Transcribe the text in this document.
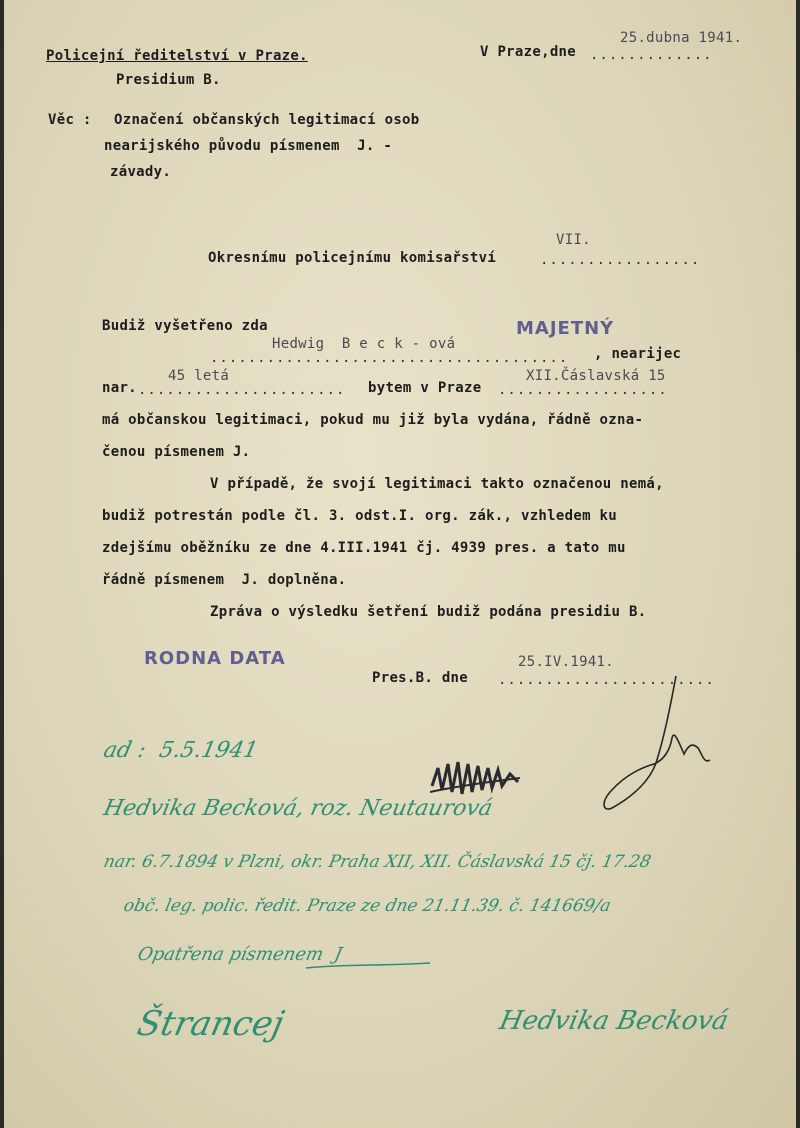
Policejní ředitelství v Praze.
Presidium B.
V Praze,dne .............
25.dubna 1941.
Věc : Označení občanských legitimací osob
nearijského původu písmenem  J. -
závady.
Okresnímu policejnímu komisařství	.................
VII.
Budiž vyšetřeno zda	MAJETNÝ
Hedwig  B e c k - ová
...................................... , nearijec
nar.
45 letá
...................... bytem v Praze
XII.Čáslavská 15
..................
má občanskou legitimaci, pokud mu již byla vydána, řádně ozna-
čenou písmenem J.
V případě, že svojí legitimaci takto označenou nemá,
budiž potrestán podle čl. 3. odst.I. org. zák., vzhledem ku
zdejšímu oběžníku ze dne 4.III.1941 čj. 4939 pres. a tato mu
řádně písmenem  J. doplněna.
Zpráva o výsledku šetření budiž podána presidiu B.
RODNA DATA	25.IV.1941.
Pres.B. dne .......................
ad :  5.5.1941
Hedvika Becková, roz. Neutaurová
nar. 6.7.1894 v Plzni, okr. Praha XII, XII. Čáslavská 15 čj. 17.28
obč. leg. polic. ředit. Praze ze dne 21.11.39. č. 141669/a
Opatřena písmenem  J
Štrancej	Hedvika Becková
